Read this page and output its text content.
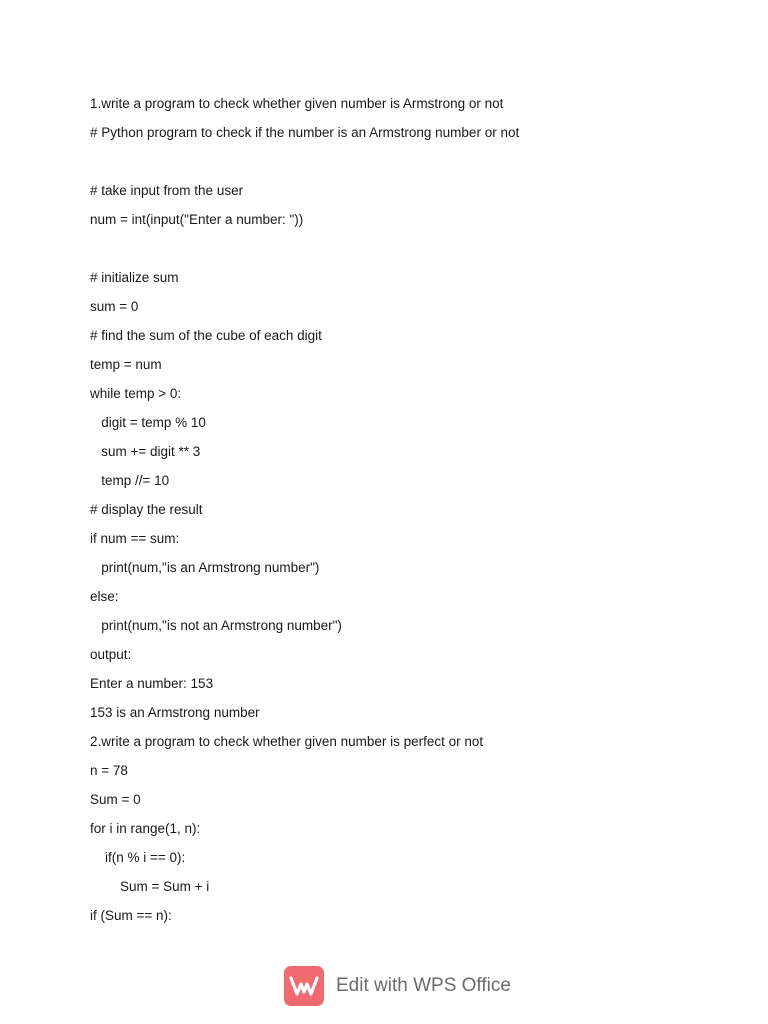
1.write a program to check whether given number is Armstrong or not
# Python program to check if the number is an Armstrong number or not
# take input from the user
num = int(input("Enter a number: "))
# initialize sum
sum = 0
# find the sum of the cube of each digit
temp = num
while temp > 0:
digit = temp % 10
sum += digit ** 3
temp //= 10
# display the result
if num == sum:
print(num,"is an Armstrong number")
else:
print(num,"is not an Armstrong number")
output:
Enter a number: 153
153 is an Armstrong number
2.write a program to check whether given number is perfect or not
n = 78
Sum = 0
for i in range(1, n):
if(n % i == 0):
Sum = Sum + i
if (Sum == n):
Edit with WPS Office
